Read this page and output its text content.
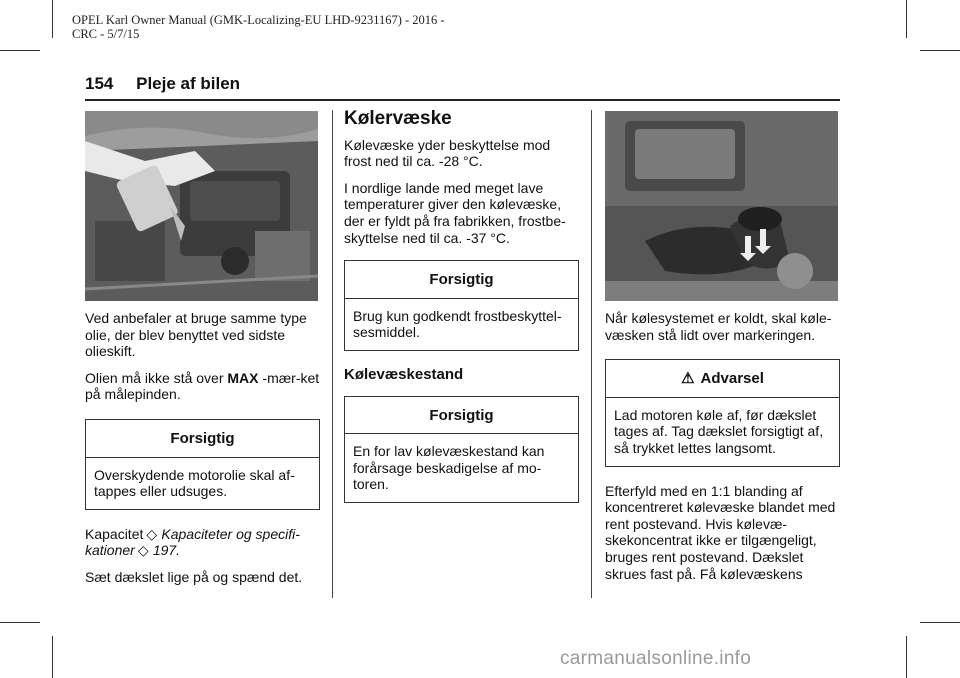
OPEL Karl Owner Manual (GMK-Localizing-EU LHD-9231167) - 2016 -
CRC - 5/7/15
154 Pleje af bilen

Ved anbefaler at bruge samme type olie, der blev benyttet ved sidste olieskift.

Olien må ikke stå over MAX -mær-ket på målepinden.

Forsigtig
Overskydende motorolie skal af-tappes eller udsuges.

Kapacitet ◇ Kapaciteter og specifi-kationer ◇ 197.

Sæt dækslet lige på og spænd det.

Kølervæske

Kølevæske yder beskyttelse mod frost ned til ca. -28 °C.

I nordlige lande med meget lave temperaturer giver den kølevæske, der er fyldt på fra fabrikken, frostbe-skyttelse ned til ca. -37 °C.

Forsigtig
Brug kun godkendt frostbeskyttel-sesmiddel.
Kølevæskestand
Forsigtig
En for lav kølevæskestand kan forårsage beskadigelse af mo-toren.

Når kølesystemet er koldt, skal køle-væsken stå lidt over markeringen.

⚠ Advarsel
Lad motoren køle af, før dækslet tages af. Tag dækslet forsigtigt af, så trykket lettes langsomt.

Efterfyld med en 1:1 blanding af koncentreret kølevæske blandet med rent postevand. Hvis kølevæ-skekoncentrat ikke er tilgængeligt, bruges rent postevand. Dækslet skrues fast på. Få kølevæskens

carmanualsonline.info
